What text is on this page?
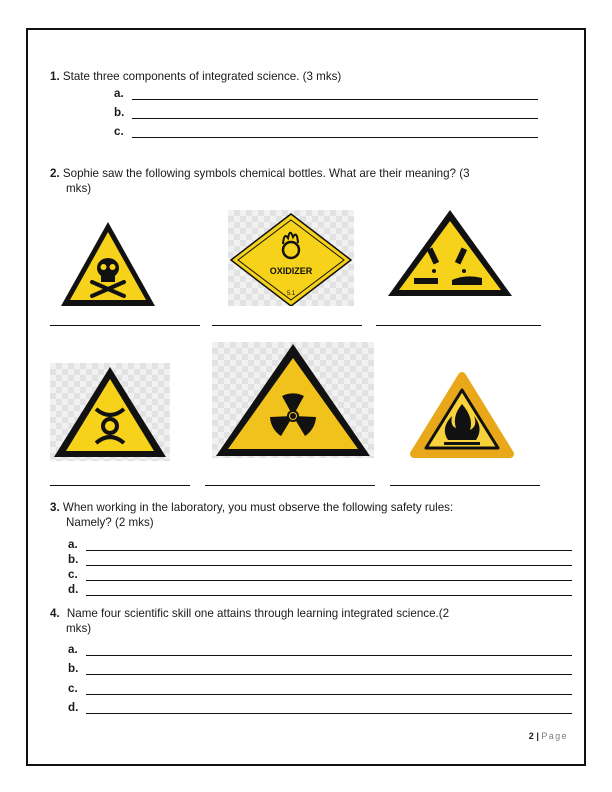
1. State three components of integrated science. (3 mks)
a.
b.
c.
2. Sophie saw the following symbols chemical bottles. What are their meaning? (3
mks)
OXIDIZER
5.1
3. When working in the laboratory, you must observe the following safety rules:
Namely? (2 mks)
a.
b.
c.
d.
4. Name four scientific skill one attains through learning integrated science.(2
mks)
a.
b.
c.
d.
2 | Page
